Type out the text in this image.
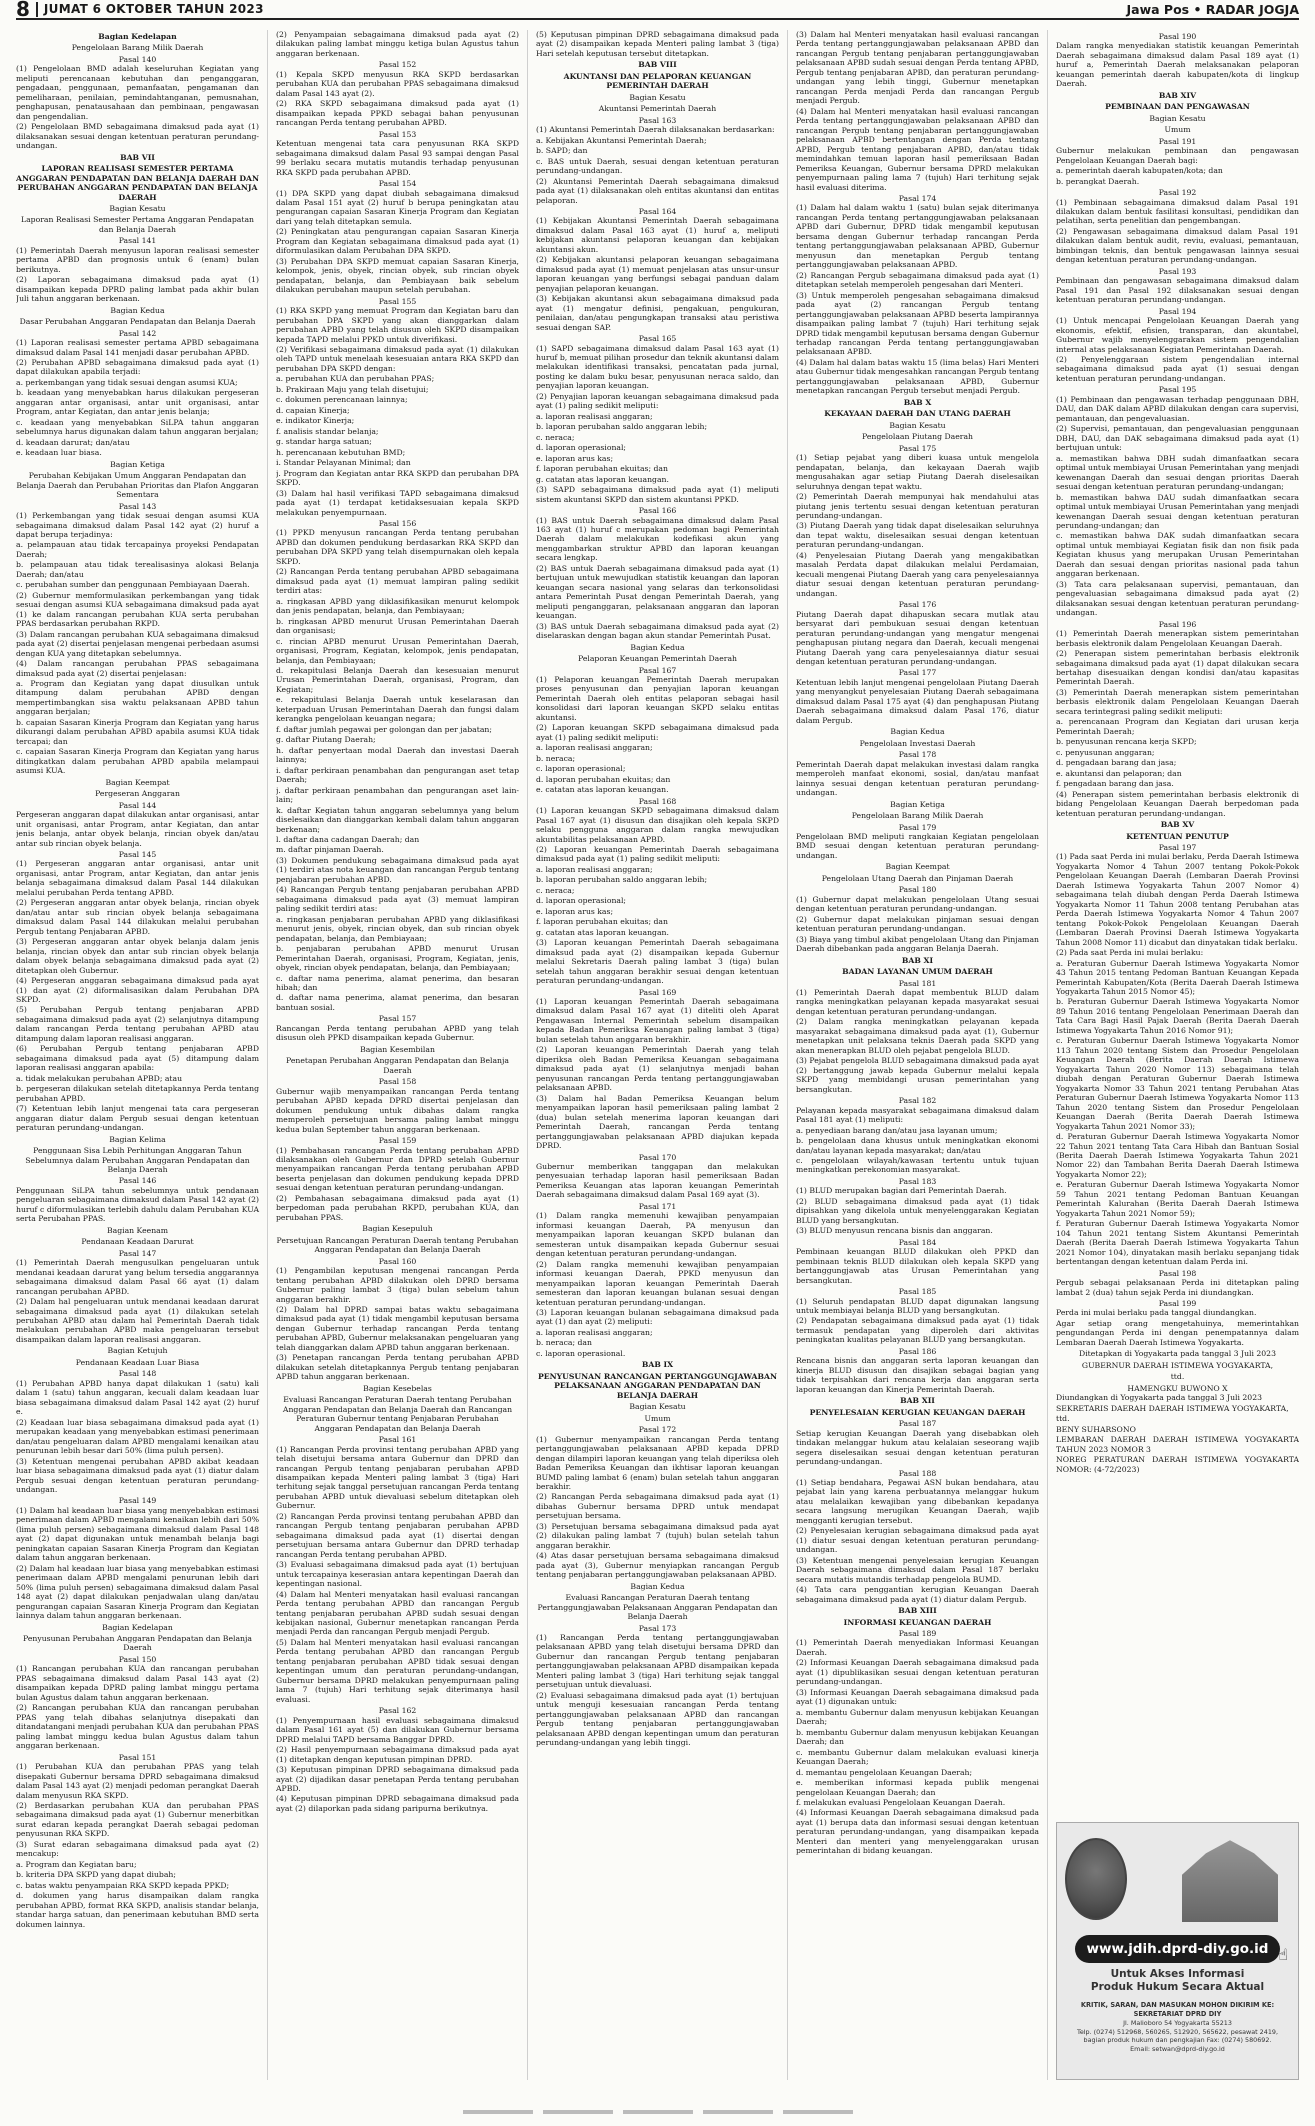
8 JUMAT 6 OKTOBER TAHUN 2023	Jawa Pos • RADAR JOGJA
Bagian Kedelapan
Pengelolaan Barang Milik Daerah
Pasal 140
(1) Pengelolaan BMD adalah keseluruhan Kegiatan yang meliputi perencanaan kebutuhan dan penganggaran, pengadaan, penggunaan, pemanfaatan, pengamanan dan pemeliharaan, penilaian, pemindahtanganan, pemusnahan, penghapusan, penatausahaan dan pembinaan, pengawasan dan pengendalian.
(2) Pengelolaan BMD sebagaimana dimaksud pada ayat (1) dilaksanakan sesuai dengan ketentuan peraturan perundang-undangan.
BAB VII
LAPORAN REALISASI SEMESTER PERTAMA ANGGARAN PENDAPATAN DAN BELANJA DAERAH DAN PERUBAHAN ANGGARAN PENDAPATAN DAN BELANJA DAERAH
Bagian Kesatu
Laporan Realisasi Semester Pertama Anggaran Pendapatan dan Belanja Daerah
Pasal 141
(1) Pemerintah Daerah menyusun laporan realisasi semester pertama APBD dan prognosis untuk 6 (enam) bulan berikutnya.
(2) Laporan sebagaimana dimaksud pada ayat (1) disampaikan kepada DPRD paling lambat pada akhir bulan Juli tahun anggaran berkenaan.
Bagian Kedua
Dasar Perubahan Anggaran Pendapatan dan Belanja Daerah
Pasal 142
(1) Laporan realisasi semester pertama APBD sebagaimana dimaksud dalam Pasal 141 menjadi dasar perubahan APBD.
(2) Perubahan APBD sebagaimana dimaksud pada ayat (1) dapat dilakukan apabila terjadi:
a. perkembangan yang tidak sesuai dengan asumsi KUA;
b. keadaan yang menyebabkan harus dilakukan pergeseran anggaran antar organisasi, antar unit organisasi, antar Program, antar Kegiatan, dan antar jenis belanja;
c. keadaan yang menyebabkan SiLPA tahun anggaran sebelumnya harus digunakan dalam tahun anggaran berjalan;
d. keadaan darurat; dan/atau
e. keadaan luar biasa.
Bagian Ketiga
Perubahan Kebijakan Umum Anggaran Pendapatan dan Belanja Daerah dan Perubahan Prioritas dan Plafon Anggaran Sementara
Pasal 143
(1) Perkembangan yang tidak sesuai dengan asumsi KUA sebagaimana dimaksud dalam Pasal 142 ayat (2) huruf a dapat berupa terjadinya:
a. pelampauan atau tidak tercapainya proyeksi Pendapatan Daerah;
b. pelampauan atau tidak terealisasinya alokasi Belanja Daerah; dan/atau
c. perubahan sumber dan penggunaan Pembiayaan Daerah.
(2) Gubernur memformulasikan perkembangan yang tidak sesuai dengan asumsi KUA sebagaimana dimaksud pada ayat (1) ke dalam rancangan perubahan KUA serta perubahan PPAS berdasarkan perubahan RKPD.
(3) Dalam rancangan perubahan KUA sebagaimana dimaksud pada ayat (2) disertai penjelasan mengenai perbedaan asumsi dengan KUA yang ditetapkan sebelumnya.
(4) Dalam rancangan perubahan PPAS sebagaimana dimaksud pada ayat (2) disertai penjelasan:
a. Program dan Kegiatan yang dapat diusulkan untuk ditampung dalam perubahan APBD dengan mempertimbangkan sisa waktu pelaksanaan APBD tahun anggaran berjalan;
b. capaian Sasaran Kinerja Program dan Kegiatan yang harus dikurangi dalam perubahan APBD apabila asumsi KUA tidak tercapai; dan
c. capaian Sasaran Kinerja Program dan Kegiatan yang harus ditingkatkan dalam perubahan APBD apabila melampaui asumsi KUA.
Bagian Keempat
Pergeseran Anggaran
Pasal 144
Pergeseran anggaran dapat dilakukan antar organisasi, antar unit organisasi, antar Program, antar Kegiatan, dan antar jenis belanja, antar obyek belanja, rincian obyek dan/atau antar sub rincian obyek belanja.
Pasal 145
(1) Pergeseran anggaran antar organisasi, antar unit organisasi, antar Program, antar Kegiatan, dan antar jenis belanja sebagaimana dimaksud dalam Pasal 144 dilakukan melalui perubahan Perda tentang APBD.
(2) Pergeseran anggaran antar obyek belanja, rincian obyek dan/atau antar sub rincian obyek belanja sebagaimana dimaksud dalam Pasal 144 dilakukan melalui perubahan Pergub tentang Penjabaran APBD.
(3) Pergeseran anggaran antar obyek belanja dalam jenis belanja, rincian obyek dan antar sub rincian obyek belanja dalam obyek belanja sebagaimana dimaksud pada ayat (2) ditetapkan oleh Gubernur.
(4) Pergeseran anggaran sebagaimana dimaksud pada ayat (1) dan ayat (2) diformalisasikan dalam Perubahan DPA SKPD.
(5) Perubahan Pergub tentang penjabaran APBD sebagaimana dimaksud pada ayat (2) selanjutnya ditampung dalam rancangan Perda tentang perubahan APBD atau ditampung dalam laporan realisasi anggaran.
(6) Perubahan Pergub tentang penjabaran APBD sebagaimana dimaksud pada ayat (5) ditampung dalam laporan realisasi anggaran apabila:
a. tidak melakukan perubahan APBD; atau
b. pergeseran dilakukan setelah ditetapkannya Perda tentang perubahan APBD.
(7) Ketentuan lebih lanjut mengenai tata cara pergeseran anggaran diatur dalam Pergub sesuai dengan ketentuan peraturan perundang-undangan.
Bagian Kelima
Penggunaan Sisa Lebih Perhitungan Anggaran Tahun Sebelumnya dalam Perubahan Anggaran Pendapatan dan Belanja Daerah
Pasal 146
Penggunaan SiLPA tahun sebelumnya untuk pendanaan pengeluaran sebagaimana dimaksud dalam Pasal 142 ayat (2) huruf c diformulasikan terlebih dahulu dalam Perubahan KUA serta Perubahan PPAS.
Bagian Keenam
Pendanaan Keadaan Darurat
Pasal 147
(1) Pemerintah Daerah mengusulkan pengeluaran untuk mendanai keadaan darurat yang belum tersedia anggarannya sebagaimana dimaksud dalam Pasal 66 ayat (1) dalam rancangan perubahan APBD.
(2) Dalam hal pengeluaran untuk mendanai keadaan darurat sebagaimana dimaksud pada ayat (1) dilakukan setelah perubahan APBD atau dalam hal Pemerintah Daerah tidak melakukan perubahan APBD maka pengeluaran tersebut disampaikan dalam laporan realisasi anggaran.
Bagian Ketujuh
Pendanaan Keadaan Luar Biasa
Pasal 148
(1) Perubahan APBD hanya dapat dilakukan 1 (satu) kali dalam 1 (satu) tahun anggaran, kecuali dalam keadaan luar biasa sebagaimana dimaksud dalam Pasal 142 ayat (2) huruf e.
(2) Keadaan luar biasa sebagaimana dimaksud pada ayat (1) merupakan keadaan yang menyebabkan estimasi penerimaan dan/atau pengeluaran dalam APBD mengalami kenaikan atau penurunan lebih besar dari 50% (lima puluh persen).
(3) Ketentuan mengenai perubahan APBD akibat keadaan luar biasa sebagaimana dimaksud pada ayat (1) diatur dalam Pergub sesuai dengan ketentuan peraturan perundang-undangan.
Pasal 149
(1) Dalam hal keadaan luar biasa yang menyebabkan estimasi penerimaan dalam APBD mengalami kenaikan lebih dari 50% (lima puluh persen) sebagaimana dimaksud dalam Pasal 148 ayat (2) dapat digunakan untuk menambah belanja bagi peningkatan capaian Sasaran Kinerja Program dan Kegiatan dalam tahun anggaran berkenaan.
(2) Dalam hal keadaan luar biasa yang menyebabkan estimasi penerimaan dalam APBD mengalami penurunan lebih dari 50% (lima puluh persen) sebagaimana dimaksud dalam Pasal 148 ayat (2) dapat dilakukan penjadwalan ulang dan/atau pengurangan capaian Sasaran Kinerja Program dan Kegiatan lainnya dalam tahun anggaran berkenaan.
Bagian Kedelapan
Penyusunan Perubahan Anggaran Pendapatan dan Belanja Daerah
Pasal 150
(1) Rancangan perubahan KUA dan rancangan perubahan PPAS sebagaimana dimaksud dalam Pasal 143 ayat (2) disampaikan kepada DPRD paling lambat minggu pertama bulan Agustus dalam tahun anggaran berkenaan.
(2) Rancangan perubahan KUA dan rancangan perubahan PPAS yang telah dibahas selanjutnya disepakati dan ditandatangani menjadi perubahan KUA dan perubahan PPAS paling lambat minggu kedua bulan Agustus dalam tahun anggaran berkenaan.
Pasal 151
(1) Perubahan KUA dan perubahan PPAS yang telah disepakati Gubernur bersama DPRD sebagaimana dimaksud dalam Pasal 143 ayat (2) menjadi pedoman perangkat Daerah dalam menyusun RKA SKPD.
(2) Berdasarkan perubahan KUA dan perubahan PPAS sebagaimana dimaksud pada ayat (1) Gubernur menerbitkan surat edaran kepada perangkat Daerah sebagai pedoman penyusunan RKA SKPD.
(3) Surat edaran sebagaimana dimaksud pada ayat (2) mencakup:
a. Program dan Kegiatan baru;
b. kriteria DPA SKPD yang dapat diubah;
c. batas waktu penyampaian RKA SKPD kepada PPKD;
d. dokumen yang harus disampaikan dalam rangka perubahan APBD, format RKA SKPD, analisis standar belanja, standar harga satuan, dan penerimaan kebutuhan BMD serta dokumen lainnya.
(2) Penyampaian sebagaimana dimaksud pada ayat (2) dilakukan paling lambat minggu ketiga bulan Agustus tahun anggaran berkenaan.
Pasal 152
(1) Kepala SKPD menyusun RKA SKPD berdasarkan perubahan KUA dan perubahan PPAS sebagaimana dimaksud dalam Pasal 143 ayat (2).
(2) RKA SKPD sebagaimana dimaksud pada ayat (1) disampaikan kepada PPKD sebagai bahan penyusunan rancangan Perda tentang perubahan APBD.
Pasal 153
Ketentuan mengenai tata cara penyusunan RKA SKPD sebagaimana dimaksud dalam Pasal 93 sampai dengan Pasal 99 berlaku secara mutatis mutandis terhadap penyusunan RKA SKPD pada perubahan APBD.
Pasal 154
(1) DPA SKPD yang dapat diubah sebagaimana dimaksud dalam Pasal 151 ayat (2) huruf b berupa peningkatan atau pengurangan capaian Sasaran Kinerja Program dan Kegiatan dari yang telah ditetapkan semula.
(2) Peningkatan atau pengurangan capaian Sasaran Kinerja Program dan Kegiatan sebagaimana dimaksud pada ayat (1) diformulasikan dalam Perubahan DPA SKPD.
(3) Perubahan DPA SKPD memuat capaian Sasaran Kinerja, kelompok, jenis, obyek, rincian obyek, sub rincian obyek pendapatan, belanja, dan Pembiayaan baik sebelum dilakukan perubahan maupun setelah perubahan.
Pasal 155
(1) RKA SKPD yang memuat Program dan Kegiatan baru dan perubahan DPA SKPD yang akan dianggarkan dalam perubahan APBD yang telah disusun oleh SKPD disampaikan kepada TAPD melalui PPKD untuk diverifikasi.
(2) Verifikasi sebagaimana dimaksud pada ayat (1) dilakukan oleh TAPD untuk menelaah kesesuaian antara RKA SKPD dan perubahan DPA SKPD dengan:
a. perubahan KUA dan perubahan PPAS;
b. Prakiraan Maju yang telah disetujui;
c. dokumen perencanaan lainnya;
d. capaian Kinerja;
e. indikator Kinerja;
f. analisis standar belanja;
g. standar harga satuan;
h. perencanaan kebutuhan BMD;
i. Standar Pelayanan Minimal; dan
j. Program dan Kegiatan antar RKA SKPD dan perubahan DPA SKPD.
(3) Dalam hal hasil verifikasi TAPD sebagaimana dimaksud pada ayat (1) terdapat ketidaksesuaian kepala SKPD melakukan penyempurnaan.
Pasal 156
(1) PPKD menyusun rancangan Perda tentang perubahan APBD dan dokumen pendukung berdasarkan RKA SKPD dan perubahan DPA SKPD yang telah disempurnakan oleh kepala SKPD.
(2) Rancangan Perda tentang perubahan APBD sebagaimana dimaksud pada ayat (1) memuat lampiran paling sedikit terdiri atas:
a. ringkasan APBD yang diklasifikasikan menurut kelompok dan jenis pendapatan, belanja, dan Pembiayaan;
b. ringkasan APBD menurut Urusan Pemerintahan Daerah dan organisasi;
c. rincian APBD menurut Urusan Pemerintahan Daerah, organisasi, Program, Kegiatan, kelompok, jenis pendapatan, belanja, dan Pembiayaan;
d. rekapitulasi Belanja Daerah dan kesesuaian menurut Urusan Pemerintahan Daerah, organisasi, Program, dan Kegiatan;
e. rekapitulasi Belanja Daerah untuk keselarasan dan keterpaduan Urusan Pemerintahan Daerah dan fungsi dalam kerangka pengelolaan keuangan negara;
f. daftar jumlah pegawai per golongan dan per jabatan;
g. daftar Piutang Daerah;
h. daftar penyertaan modal Daerah dan investasi Daerah lainnya;
i. daftar perkiraan penambahan dan pengurangan aset tetap Daerah;
j. daftar perkiraan penambahan dan pengurangan aset lain-lain;
k. daftar Kegiatan tahun anggaran sebelumnya yang belum diselesaikan dan dianggarkan kembali dalam tahun anggaran berkenaan;
l. daftar dana cadangan Daerah; dan
m. daftar pinjaman Daerah.
(3) Dokumen pendukung sebagaimana dimaksud pada ayat (1) terdiri atas nota keuangan dan rancangan Pergub tentang penjabaran perubahan APBD.
(4) Rancangan Pergub tentang penjabaran perubahan APBD sebagaimana dimaksud pada ayat (3) memuat lampiran paling sedikit terdiri atas:
a. ringkasan penjabaran perubahan APBD yang diklasifikasi menurut jenis, obyek, rincian obyek, dan sub rincian obyek pendapatan, belanja, dan Pembiayaan;
b. penjabaran perubahan APBD menurut Urusan Pemerintahan Daerah, organisasi, Program, Kegiatan, jenis, obyek, rincian obyek pendapatan, belanja, dan Pembiayaan;
c. daftar nama penerima, alamat penerima, dan besaran hibah; dan
d. daftar nama penerima, alamat penerima, dan besaran bantuan sosial.
Pasal 157
Rancangan Perda tentang perubahan APBD yang telah disusun oleh PPKD disampaikan kepada Gubernur.
Bagian Kesembilan
Penetapan Perubahan Anggaran Pendapatan dan Belanja Daerah
Pasal 158
Gubernur wajib menyampaikan rancangan Perda tentang perubahan APBD kepada DPRD disertai penjelasan dan dokumen pendukung untuk dibahas dalam rangka memperoleh persetujuan bersama paling lambat minggu kedua bulan September tahun anggaran berkenaan.
Pasal 159
(1) Pembahasan rancangan Perda tentang perubahan APBD dilaksanakan oleh Gubernur dan DPRD setelah Gubernur menyampaikan rancangan Perda tentang perubahan APBD beserta penjelasan dan dokumen pendukung kepada DPRD sesuai dengan ketentuan peraturan perundang-undangan.
(2) Pembahasan sebagaimana dimaksud pada ayat (1) berpedoman pada perubahan RKPD, perubahan KUA, dan perubahan PPAS.
Bagian Kesepuluh
Persetujuan Rancangan Peraturan Daerah tentang Perubahan Anggaran Pendapatan dan Belanja Daerah
Pasal 160
(1) Pengambilan keputusan mengenai rancangan Perda tentang perubahan APBD dilakukan oleh DPRD bersama Gubernur paling lambat 3 (tiga) bulan sebelum tahun anggaran berakhir.
(2) Dalam hal DPRD sampai batas waktu sebagaimana dimaksud pada ayat (1) tidak mengambil keputusan bersama dengan Gubernur terhadap rancangan Perda tentang perubahan APBD, Gubernur melaksanakan pengeluaran yang telah dianggarkan dalam APBD tahun anggaran berkenaan.
(3) Penetapan rancangan Perda tentang perubahan APBD dilakukan setelah ditetapkannya Pergub tentang penjabaran APBD tahun anggaran berkenaan.
Bagian Kesebelas
Evaluasi Rancangan Peraturan Daerah tentang Perubahan Anggaran Pendapatan dan Belanja Daerah dan Rancangan Peraturan Gubernur tentang Penjabaran Perubahan Anggaran Pendapatan dan Belanja Daerah
Pasal 161
(1) Rancangan Perda provinsi tentang perubahan APBD yang telah disetujui bersama antara Gubernur dan DPRD dan rancangan Pergub tentang penjabaran perubahan APBD disampaikan kepada Menteri paling lambat 3 (tiga) Hari terhitung sejak tanggal persetujuan rancangan Perda tentang perubahan APBD untuk dievaluasi sebelum ditetapkan oleh Gubernur.
(2) Rancangan Perda provinsi tentang perubahan APBD dan rancangan Pergub tentang penjabaran perubahan APBD sebagaimana dimaksud pada ayat (1) disertai dengan persetujuan bersama antara Gubernur dan DPRD terhadap rancangan Perda tentang perubahan APBD.
(3) Evaluasi sebagaimana dimaksud pada ayat (1) bertujuan untuk tercapainya keserasian antara kepentingan Daerah dan kepentingan nasional.
(4) Dalam hal Menteri menyatakan hasil evaluasi rancangan Perda tentang perubahan APBD dan rancangan Pergub tentang penjabaran perubahan APBD sudah sesuai dengan kebijakan nasional, Gubernur menetapkan rancangan Perda menjadi Perda dan rancangan Pergub menjadi Pergub.
(5) Dalam hal Menteri menyatakan hasil evaluasi rancangan Perda tentang perubahan APBD dan rancangan Pergub tentang penjabaran perubahan APBD tidak sesuai dengan kepentingan umum dan peraturan perundang-undangan, Gubernur bersama DPRD melakukan penyempurnaan paling lama 7 (tujuh) Hari terhitung sejak diterimanya hasil evaluasi.
Pasal 162
(1) Penyempurnaan hasil evaluasi sebagaimana dimaksud dalam Pasal 161 ayat (5) dan dilakukan Gubernur bersama DPRD melalui TAPD bersama Banggar DPRD.
(2) Hasil penyempurnaan sebagaimana dimaksud pada ayat (1) ditetapkan dengan keputusan pimpinan DPRD.
(3) Keputusan pimpinan DPRD sebagaimana dimaksud pada ayat (2) dijadikan dasar penetapan Perda tentang perubahan APBD.
(4) Keputusan pimpinan DPRD sebagaimana dimaksud pada ayat (2) dilaporkan pada sidang paripurna berikutnya.
(5) Keputusan pimpinan DPRD sebagaimana dimaksud pada ayat (2) disampaikan kepada Menteri paling lambat 3 (tiga) Hari setelah keputusan tersebut ditetapkan.
BAB VIII
AKUNTANSI DAN PELAPORAN KEUANGAN PEMERINTAH DAERAH
Bagian Kesatu
Akuntansi Pemerintah Daerah
Pasal 163
(1) Akuntansi Pemerintah Daerah dilaksanakan berdasarkan:
a. Kebijakan Akuntansi Pemerintah Daerah;
b. SAPD; dan
c. BAS untuk Daerah, sesuai dengan ketentuan peraturan perundang-undangan.
(2) Akuntansi Pemerintah Daerah sebagaimana dimaksud pada ayat (1) dilaksanakan oleh entitas akuntansi dan entitas pelaporan.
Pasal 164
(1) Kebijakan Akuntansi Pemerintah Daerah sebagaimana dimaksud dalam Pasal 163 ayat (1) huruf a, meliputi kebijakan akuntansi pelaporan keuangan dan kebijakan akuntansi akun.
(2) Kebijakan akuntansi pelaporan keuangan sebagaimana dimaksud pada ayat (1) memuat penjelasan atas unsur-unsur laporan keuangan yang berfungsi sebagai panduan dalam penyajian pelaporan keuangan.
(3) Kebijakan akuntansi akun sebagaimana dimaksud pada ayat (1) mengatur definisi, pengakuan, pengukuran, penilaian, dan/atau pengungkapan transaksi atau peristiwa sesuai dengan SAP.
Pasal 165
(1) SAPD sebagaimana dimaksud dalam Pasal 163 ayat (1) huruf b, memuat pilihan prosedur dan teknik akuntansi dalam melakukan identifikasi transaksi, pencatatan pada jurnal, posting ke dalam buku besar, penyusunan neraca saldo, dan penyajian laporan keuangan.
(2) Penyajian laporan keuangan sebagaimana dimaksud pada ayat (1) paling sedikit meliputi:
a. laporan realisasi anggaran;
b. laporan perubahan saldo anggaran lebih;
c. neraca;
d. laporan operasional;
e. laporan arus kas;
f. laporan perubahan ekuitas; dan
g. catatan atas laporan keuangan.
(3) SAPD sebagaimana dimaksud pada ayat (1) meliputi sistem akuntansi SKPD dan sistem akuntansi PPKD.
Pasal 166
(1) BAS untuk Daerah sebagaimana dimaksud dalam Pasal 163 ayat (1) huruf c merupakan pedoman bagi Pemerintah Daerah dalam melakukan kodefikasi akun yang menggambarkan struktur APBD dan laporan keuangan secara lengkap.
(2) BAS untuk Daerah sebagaimana dimaksud pada ayat (1) bertujuan untuk mewujudkan statistik keuangan dan laporan keuangan secara nasional yang selaras dan terkonsolidasi antara Pemerintah Pusat dengan Pemerintah Daerah, yang meliputi penganggaran, pelaksanaan anggaran dan laporan keuangan.
(3) BAS untuk Daerah sebagaimana dimaksud pada ayat (2) diselaraskan dengan bagan akun standar Pemerintah Pusat.
Bagian Kedua
Pelaporan Keuangan Pemerintah Daerah
Pasal 167
(1) Pelaporan keuangan Pemerintah Daerah merupakan proses penyusunan dan penyajian laporan keuangan Pemerintah Daerah oleh entitas pelaporan sebagai hasil konsolidasi dari laporan keuangan SKPD selaku entitas akuntansi.
(2) Laporan keuangan SKPD sebagaimana dimaksud pada ayat (1) paling sedikit meliputi:
a. laporan realisasi anggaran;
b. neraca;
c. laporan operasional;
d. laporan perubahan ekuitas; dan
e. catatan atas laporan keuangan.
Pasal 168
(1) Laporan keuangan SKPD sebagaimana dimaksud dalam Pasal 167 ayat (1) disusun dan disajikan oleh kepala SKPD selaku pengguna anggaran dalam rangka mewujudkan akuntabilitas pelaksanaan APBD.
(2) Laporan keuangan Pemerintah Daerah sebagaimana dimaksud pada ayat (1) paling sedikit meliputi:
a. laporan realisasi anggaran;
b. laporan perubahan saldo anggaran lebih;
c. neraca;
d. laporan operasional;
e. laporan arus kas;
f. laporan perubahan ekuitas; dan
g. catatan atas laporan keuangan.
(3) Laporan keuangan Pemerintah Daerah sebagaimana dimaksud pada ayat (2) disampaikan kepada Gubernur melalui Sekretaris Daerah paling lambat 3 (tiga) bulan setelah tahun anggaran berakhir sesuai dengan ketentuan peraturan perundang-undangan.
Pasal 169
(1) Laporan keuangan Pemerintah Daerah sebagaimana dimaksud dalam Pasal 167 ayat (1) diteliti oleh Aparat Pengawasan Internal Pemerintah sebelum disampaikan kepada Badan Pemeriksa Keuangan paling lambat 3 (tiga) bulan setelah tahun anggaran berakhir.
(2) Laporan keuangan Pemerintah Daerah yang telah diperiksa oleh Badan Pemeriksa Keuangan sebagaimana dimaksud pada ayat (1) selanjutnya menjadi bahan penyusunan rancangan Perda tentang pertanggungjawaban pelaksanaan APBD.
(3) Dalam hal Badan Pemeriksa Keuangan belum menyampaikan laporan hasil pemeriksaan paling lambat 2 (dua) bulan setelah menerima laporan keuangan dari Pemerintah Daerah, rancangan Perda tentang pertanggungjawaban pelaksanaan APBD diajukan kepada DPRD.
Pasal 170
Gubernur memberikan tanggapan dan melakukan penyesuaian terhadap laporan hasil pemeriksaan Badan Pemeriksa Keuangan atas laporan keuangan Pemerintah Daerah sebagaimana dimaksud dalam Pasal 169 ayat (3).
Pasal 171
(1) Dalam rangka memenuhi kewajiban penyampaian informasi keuangan Daerah, PA menyusun dan menyampaikan laporan keuangan SKPD bulanan dan semesteran untuk disampaikan kepada Gubernur sesuai dengan ketentuan peraturan perundang-undangan.
(2) Dalam rangka memenuhi kewajiban penyampaian informasi keuangan Daerah, PPKD menyusun dan menyampaikan laporan keuangan Pemerintah Daerah semesteran dan laporan keuangan bulanan sesuai dengan ketentuan peraturan perundang-undangan.
(3) Laporan keuangan bulanan sebagaimana dimaksud pada ayat (1) dan ayat (2) meliputi:
a. laporan realisasi anggaran;
b. neraca; dan
c. laporan operasional.
BAB IX
PENYUSUNAN RANCANGAN PERTANGGUNGJAWABAN PELAKSANAAN ANGGARAN PENDAPATAN DAN BELANJA DAERAH
Bagian Kesatu
Umum
Pasal 172
(1) Gubernur menyampaikan rancangan Perda tentang pertanggungjawaban pelaksanaan APBD kepada DPRD dengan dilampiri laporan keuangan yang telah diperiksa oleh Badan Pemeriksa Keuangan dan ikhtisar laporan keuangan BUMD paling lambat 6 (enam) bulan setelah tahun anggaran berakhir.
(2) Rancangan Perda sebagaimana dimaksud pada ayat (1) dibahas Gubernur bersama DPRD untuk mendapat persetujuan bersama.
(3) Persetujuan bersama sebagaimana dimaksud pada ayat (2) dilakukan paling lambat 7 (tujuh) bulan setelah tahun anggaran berakhir.
(4) Atas dasar persetujuan bersama sebagaimana dimaksud pada ayat (3), Gubernur menyiapkan rancangan Pergub tentang penjabaran pertanggungjawaban pelaksanaan APBD.
Bagian Kedua
Evaluasi Rancangan Peraturan Daerah tentang Pertanggungjawaban Pelaksanaan Anggaran Pendapatan dan Belanja Daerah
Pasal 173
(1) Rancangan Perda tentang pertanggungjawaban pelaksanaan APBD yang telah disetujui bersama DPRD dan Gubernur dan rancangan Pergub tentang penjabaran pertanggungjawaban pelaksanaan APBD disampaikan kepada Menteri paling lambat 3 (tiga) Hari terhitung sejak tanggal persetujuan untuk dievaluasi.
(2) Evaluasi sebagaimana dimaksud pada ayat (1) bertujuan untuk menguji kesesuaian rancangan Perda tentang pertanggungjawaban pelaksanaan APBD dan rancangan Pergub tentang penjabaran pertanggungjawaban pelaksanaan APBD dengan kepentingan umum dan peraturan perundang-undangan yang lebih tinggi.
(3) Dalam hal Menteri menyatakan hasil evaluasi rancangan Perda tentang pertanggungjawaban pelaksanaan APBD dan rancangan Pergub tentang penjabaran pertanggungjawaban pelaksanaan APBD sudah sesuai dengan Perda tentang APBD, Pergub tentang penjabaran APBD, dan peraturan perundang-undangan yang lebih tinggi, Gubernur menetapkan rancangan Perda menjadi Perda dan rancangan Pergub menjadi Pergub.
(4) Dalam hal Menteri menyatakan hasil evaluasi rancangan Perda tentang pertanggungjawaban pelaksanaan APBD dan rancangan Pergub tentang penjabaran pertanggungjawaban pelaksanaan APBD bertentangan dengan Perda tentang APBD, Pergub tentang penjabaran APBD, dan/atau tidak memindahkan temuan laporan hasil pemeriksaan Badan Pemeriksa Keuangan, Gubernur bersama DPRD melakukan penyempurnaan paling lama 7 (tujuh) Hari terhitung sejak hasil evaluasi diterima.
Pasal 174
(1) Dalam hal dalam waktu 1 (satu) bulan sejak diterimanya rancangan Perda tentang pertanggungjawaban pelaksanaan APBD dari Gubernur, DPRD tidak mengambil keputusan bersama dengan Gubernur terhadap rancangan Perda tentang pertanggungjawaban pelaksanaan APBD, Gubernur menyusun dan menetapkan Pergub tentang pertanggungjawaban pelaksanaan APBD.
(2) Rancangan Pergub sebagaimana dimaksud pada ayat (1) ditetapkan setelah memperoleh pengesahan dari Menteri.
(3) Untuk memperoleh pengesahan sebagaimana dimaksud pada ayat (2) rancangan Pergub tentang pertanggungjawaban pelaksanaan APBD beserta lampirannya disampaikan paling lambat 7 (tujuh) Hari terhitung sejak DPRD tidak mengambil keputusan bersama dengan Gubernur terhadap rancangan Perda tentang pertanggungjawaban pelaksanaan APBD.
(4) Dalam hal dalam batas waktu 15 (lima belas) Hari Menteri atau Gubernur tidak mengesahkan rancangan Pergub tentang pertanggungjawaban pelaksanaan APBD, Gubernur menetapkan rancangan Pergub tersebut menjadi Pergub.
BAB X
KEKAYAAN DAERAH DAN UTANG DAERAH
Bagian Kesatu
Pengelolaan Piutang Daerah
Pasal 175
(1) Setiap pejabat yang diberi kuasa untuk mengelola pendapatan, belanja, dan kekayaan Daerah wajib mengusahakan agar setiap Piutang Daerah diselesaikan seluruhnya dengan tepat waktu.
(2) Pemerintah Daerah mempunyai hak mendahului atas piutang jenis tertentu sesuai dengan ketentuan peraturan perundang-undangan.
(3) Piutang Daerah yang tidak dapat diselesaikan seluruhnya dan tepat waktu, diselesaikan sesuai dengan ketentuan peraturan perundang-undangan.
(4) Penyelesaian Piutang Daerah yang mengakibatkan masalah Perdata dapat dilakukan melalui Perdamaian, kecuali mengenai Piutang Daerah yang cara penyelesaiannya diatur sesuai dengan ketentuan peraturan perundang-undangan.
Pasal 176
Piutang Daerah dapat dihapuskan secara mutlak atau bersyarat dari pembukuan sesuai dengan ketentuan peraturan perundang-undangan yang mengatur mengenai penghapusan piutang negara dan Daerah, kecuali mengenai Piutang Daerah yang cara penyelesaiannya diatur sesuai dengan ketentuan peraturan perundang-undangan.
Pasal 177
Ketentuan lebih lanjut mengenai pengelolaan Piutang Daerah yang menyangkut penyelesaian Piutang Daerah sebagaimana dimaksud dalam Pasal 175 ayat (4) dan penghapusan Piutang Daerah sebagaimana dimaksud dalam Pasal 176, diatur dalam Pergub.
Bagian Kedua
Pengelolaan Investasi Daerah
Pasal 178
Pemerintah Daerah dapat melakukan investasi dalam rangka memperoleh manfaat ekonomi, sosial, dan/atau manfaat lainnya sesuai dengan ketentuan peraturan perundang-undangan.
Bagian Ketiga
Pengelolaan Barang Milik Daerah
Pasal 179
Pengelolaan BMD meliputi rangkaian Kegiatan pengelolaan BMD sesuai dengan ketentuan peraturan perundang-undangan.
Bagian Keempat
Pengelolaan Utang Daerah dan Pinjaman Daerah
Pasal 180
(1) Gubernur dapat melakukan pengelolaan Utang sesuai dengan ketentuan peraturan perundang-undangan.
(2) Gubernur dapat melakukan pinjaman sesuai dengan ketentuan peraturan perundang-undangan.
(3) Biaya yang timbul akibat pengelolaan Utang dan Pinjaman Daerah dibebankan pada anggaran Belanja Daerah.
BAB XI
BADAN LAYANAN UMUM DAERAH
Pasal 181
(1) Pemerintah Daerah dapat membentuk BLUD dalam rangka meningkatkan pelayanan kepada masyarakat sesuai dengan ketentuan peraturan perundang-undangan.
(2) Dalam rangka meningkatkan pelayanan kepada masyarakat sebagaimana dimaksud pada ayat (1), Gubernur menetapkan unit pelaksana teknis Daerah pada SKPD yang akan menerapkan BLUD oleh pejabat pengelola BLUD.
(3) Pejabat pengelola BLUD sebagaimana dimaksud pada ayat (2) bertanggung jawab kepada Gubernur melalui kepala SKPD yang membidangi urusan pemerintahan yang bersangkutan.
Pasal 182
Pelayanan kepada masyarakat sebagaimana dimaksud dalam Pasal 181 ayat (1) meliputi:
a. penyediaan barang dan/atau jasa layanan umum;
b. pengelolaan dana khusus untuk meningkatkan ekonomi dan/atau layanan kepada masyarakat; dan/atau
c. pengelolaan wilayah/kawasan tertentu untuk tujuan meningkatkan perekonomian masyarakat.
Pasal 183
(1) BLUD merupakan bagian dari Pemerintah Daerah.
(2) BLUD sebagaimana dimaksud pada ayat (1) tidak dipisahkan yang dikelola untuk menyelenggarakan Kegiatan BLUD yang bersangkutan.
(3) BLUD menyusun rencana bisnis dan anggaran.
Pasal 184
Pembinaan keuangan BLUD dilakukan oleh PPKD dan pembinaan teknis BLUD dilakukan oleh kepala SKPD yang bertanggungjawab atas Urusan Pemerintahan yang bersangkutan.
Pasal 185
(1) Seluruh pendapatan BLUD dapat digunakan langsung untuk membiayai belanja BLUD yang bersangkutan.
(2) Pendapatan sebagaimana dimaksud pada ayat (1) tidak termasuk pendapatan yang diperoleh dari aktivitas peningkatan kualitas pelayanan BLUD yang bersangkutan.
Pasal 186
Rencana bisnis dan anggaran serta laporan keuangan dan kinerja BLUD disusun dan disajikan sebagai bagian yang tidak terpisahkan dari rencana kerja dan anggaran serta laporan keuangan dan Kinerja Pemerintah Daerah.
BAB XII
PENYELESAIAN KERUGIAN KEUANGAN DAERAH
Pasal 187
Setiap kerugian Keuangan Daerah yang disebabkan oleh tindakan melanggar hukum atau kelalaian seseorang wajib segera diselesaikan sesuai dengan ketentuan peraturan perundang-undangan.
Pasal 188
(1) Setiap bendahara, Pegawai ASN bukan bendahara, atau pejabat lain yang karena perbuatannya melanggar hukum atau melalaikan kewajiban yang dibebankan kepadanya secara langsung merugikan Keuangan Daerah, wajib mengganti kerugian tersebut.
(2) Penyelesaian kerugian sebagaimana dimaksud pada ayat (1) diatur sesuai dengan ketentuan peraturan perundang-undangan.
(3) Ketentuan mengenai penyelesaian kerugian Keuangan Daerah sebagaimana dimaksud dalam Pasal 187 berlaku secara mutatis mutandis terhadap pengelola BUMD.
(4) Tata cara penggantian kerugian Keuangan Daerah sebagaimana dimaksud pada ayat (1) diatur dalam Pergub.
BAB XIII
INFORMASI KEUANGAN DAERAH
Pasal 189
(1) Pemerintah Daerah menyediakan Informasi Keuangan Daerah.
(2) Informasi Keuangan Daerah sebagaimana dimaksud pada ayat (1) dipublikasikan sesuai dengan ketentuan peraturan perundang-undangan.
(3) Informasi Keuangan Daerah sebagaimana dimaksud pada ayat (1) digunakan untuk:
a. membantu Gubernur dalam menyusun kebijakan Keuangan Daerah;
b. membantu Gubernur dalam menyusun kebijakan Keuangan Daerah; dan
c. membantu Gubernur dalam melakukan evaluasi kinerja Keuangan Daerah;
d. memantau pengelolaan Keuangan Daerah;
e. memberikan informasi kepada publik mengenai pengelolaan Keuangan Daerah; dan
f. melakukan evaluasi Pengelolaan Keuangan Daerah.
(4) Informasi Keuangan Daerah sebagaimana dimaksud pada ayat (1) berupa data dan informasi sesuai dengan ketentuan peraturan perundang-undangan, yang disampaikan kepada Menteri dan menteri yang menyelenggarakan urusan pemerintahan di bidang keuangan.
Pasal 190
Dalam rangka menyediakan statistik keuangan Pemerintah Daerah sebagaimana dimaksud dalam Pasal 189 ayat (1) huruf a, Pemerintah Daerah melaksanakan pelaporan keuangan pemerintah daerah kabupaten/kota di lingkup Daerah.
BAB XIV
PEMBINAAN DAN PENGAWASAN
Bagian Kesatu
Umum
Pasal 191
Gubernur melakukan pembinaan dan pengawasan Pengelolaan Keuangan Daerah bagi:
a. pemerintah daerah kabupaten/kota; dan
b. perangkat Daerah.
Pasal 192
(1) Pembinaan sebagaimana dimaksud dalam Pasal 191 dilakukan dalam bentuk fasilitasi konsultasi, pendidikan dan pelatihan, serta penelitian dan pengembangan.
(2) Pengawasan sebagaimana dimaksud dalam Pasal 191 dilakukan dalam bentuk audit, reviu, evaluasi, pemantauan, bimbingan teknis, dan bentuk pengawasan lainnya sesuai dengan ketentuan peraturan perundang-undangan.
Pasal 193
Pembinaan dan pengawasan sebagaimana dimaksud dalam Pasal 191 dan Pasal 192 dilaksanakan sesuai dengan ketentuan peraturan perundang-undangan.
Pasal 194
(1) Untuk mencapai Pengelolaan Keuangan Daerah yang ekonomis, efektif, efisien, transparan, dan akuntabel, Gubernur wajib menyelenggarakan sistem pengendalian internal atas pelaksanaan Kegiatan Pemerintahan Daerah.
(2) Penyelenggaraan sistem pengendalian internal sebagaimana dimaksud pada ayat (1) sesuai dengan ketentuan peraturan perundang-undangan.
Pasal 195
(1) Pembinaan dan pengawasan terhadap penggunaan DBH, DAU, dan DAK dalam APBD dilakukan dengan cara supervisi, pemantauan, dan pengevaluasian.
(2) Supervisi, pemantauan, dan pengevaluasian penggunaan DBH, DAU, dan DAK sebagaimana dimaksud pada ayat (1) bertujuan untuk:
a. memastikan bahwa DBH sudah dimanfaatkan secara optimal untuk membiayai Urusan Pemerintahan yang menjadi kewenangan Daerah dan sesuai dengan prioritas Daerah sesuai dengan ketentuan peraturan perundang-undangan;
b. memastikan bahwa DAU sudah dimanfaatkan secara optimal untuk membiayai Urusan Pemerintahan yang menjadi kewenangan Daerah sesuai dengan ketentuan peraturan perundang-undangan; dan
c. memastikan bahwa DAK sudah dimanfaatkan secara optimal untuk membiayai Kegiatan fisik dan non fisik pada Kegiatan khusus yang merupakan Urusan Pemerintahan Daerah dan sesuai dengan prioritas nasional pada tahun anggaran berkenaan.
(3) Tata cara pelaksanaan supervisi, pemantauan, dan pengevaluasian sebagaimana dimaksud pada ayat (2) dilaksanakan sesuai dengan ketentuan peraturan perundang-undangan.
Pasal 196
(1) Pemerintah Daerah menerapkan sistem pemerintahan berbasis elektronik dalam Pengelolaan Keuangan Daerah.
(2) Penerapan sistem pemerintahan berbasis elektronik sebagaimana dimaksud pada ayat (1) dapat dilakukan secara bertahap disesuaikan dengan kondisi dan/atau kapasitas Pemerintah Daerah.
(3) Pemerintah Daerah menerapkan sistem pemerintahan berbasis elektronik dalam Pengelolaan Keuangan Daerah secara terintegrasi paling sedikit meliputi:
a. perencanaan Program dan Kegiatan dari urusan kerja Pemerintah Daerah;
b. penyusunan rencana kerja SKPD;
c. penyusunan anggaran;
d. pengadaan barang dan jasa;
e. akuntansi dan pelaporan; dan
f. pengadaan barang dan jasa.
(4) Penerapan sistem pemerintahan berbasis elektronik di bidang Pengelolaan Keuangan Daerah berpedoman pada ketentuan peraturan perundang-undangan.
BAB XV
KETENTUAN PENUTUP
Pasal 197
(1) Pada saat Perda ini mulai berlaku, Perda Daerah Istimewa Yogyakarta Nomor 4 Tahun 2007 tentang Pokok-Pokok Pengelolaan Keuangan Daerah (Lembaran Daerah Provinsi Daerah Istimewa Yogyakarta Tahun 2007 Nomor 4) sebagaimana telah diubah dengan Perda Daerah Istimewa Yogyakarta Nomor 11 Tahun 2008 tentang Perubahan atas Perda Daerah Istimewa Yogyakarta Nomor 4 Tahun 2007 tentang Pokok-Pokok Pengelolaan Keuangan Daerah (Lembaran Daerah Provinsi Daerah Istimewa Yogyakarta Tahun 2008 Nomor 11) dicabut dan dinyatakan tidak berlaku.
(2) Pada saat Perda ini mulai berlaku:
a. Peraturan Gubernur Daerah Istimewa Yogyakarta Nomor 43 Tahun 2015 tentang Pedoman Bantuan Keuangan Kepada Pemerintah Kabupaten/Kota (Berita Daerah Daerah Istimewa Yogyakarta Tahun 2015 Nomor 45);
b. Peraturan Gubernur Daerah Istimewa Yogyakarta Nomor 89 Tahun 2016 tentang Pengelolaan Penerimaan Daerah dan Tata Cara Bagi Hasil Pajak Daerah (Berita Daerah Daerah Istimewa Yogyakarta Tahun 2016 Nomor 91);
c. Peraturan Gubernur Daerah Istimewa Yogyakarta Nomor 113 Tahun 2020 tentang Sistem dan Prosedur Pengelolaan Keuangan Daerah (Berita Daerah Daerah Istimewa Yogyakarta Tahun 2020 Nomor 113) sebagaimana telah diubah dengan Peraturan Gubernur Daerah Istimewa Yogyakarta Nomor 33 Tahun 2021 tentang Perubahan Atas Peraturan Gubernur Daerah Istimewa Yogyakarta Nomor 113 Tahun 2020 tentang Sistem dan Prosedur Pengelolaan Keuangan Daerah (Berita Daerah Daerah Istimewa Yogyakarta Tahun 2021 Nomor 33);
d. Peraturan Gubernur Daerah Istimewa Yogyakarta Nomor 22 Tahun 2021 tentang Tata Cara Hibah dan Bantuan Sosial (Berita Daerah Daerah Istimewa Yogyakarta Tahun 2021 Nomor 22) dan Tambahan Berita Daerah Daerah Istimewa Yogyakarta Nomor 22);
e. Peraturan Gubernur Daerah Istimewa Yogyakarta Nomor 59 Tahun 2021 tentang Pedoman Bantuan Keuangan Pemerintah Kalurahan (Berita Daerah Daerah Istimewa Yogyakarta Tahun 2021 Nomor 59);
f. Peraturan Gubernur Daerah Istimewa Yogyakarta Nomor 104 Tahun 2021 tentang Sistem Akuntansi Pemerintah Daerah (Berita Daerah Daerah Istimewa Yogyakarta Tahun 2021 Nomor 104), dinyatakan masih berlaku sepanjang tidak bertentangan dengan ketentuan dalam Perda ini.
Pasal 198
Pergub sebagai pelaksanaan Perda ini ditetapkan paling lambat 2 (dua) tahun sejak Perda ini diundangkan.
Pasal 199
Perda ini mulai berlaku pada tanggal diundangkan.
Agar setiap orang mengetahuinya, memerintahkan pengundangan Perda ini dengan penempatannya dalam Lembaran Daerah Daerah Istimewa Yogyakarta.
Ditetapkan di Yogyakarta pada tanggal 3 Juli 2023
GUBERNUR DAERAH ISTIMEWA YOGYAKARTA,
ttd.
HAMENGKU BUWONO X
Diundangkan di Yogyakarta pada tanggal 3 Juli 2023
SEKRETARIS DAERAH DAERAH ISTIMEWA YOGYAKARTA,
ttd.
BENY SUHARSONO
LEMBARAN DAERAH DAERAH ISTIMEWA YOGYAKARTA TAHUN 2023 NOMOR 3
NOREG PERATURAN DAERAH ISTIMEWA YOGYAKARTA NOMOR: (4-72/2023)
www.jdih.dprd-diy.go.id ☝
Untuk Akses Informasi
Produk Hukum Secara Aktual
KRITIK, SARAN, DAN MASUKAN MOHON DIKIRIM KE:
SEKRETARIAT DPRD DIY
Jl. Malioboro 54 Yogyakarta 55213
Telp. (0274) 512968, 560265, 512920, 565622, pesawat 2419,
bagian produk hukum dan pengkajian Fax: (0274) 580692.
Email: setwan@dprd-diy.go.id
